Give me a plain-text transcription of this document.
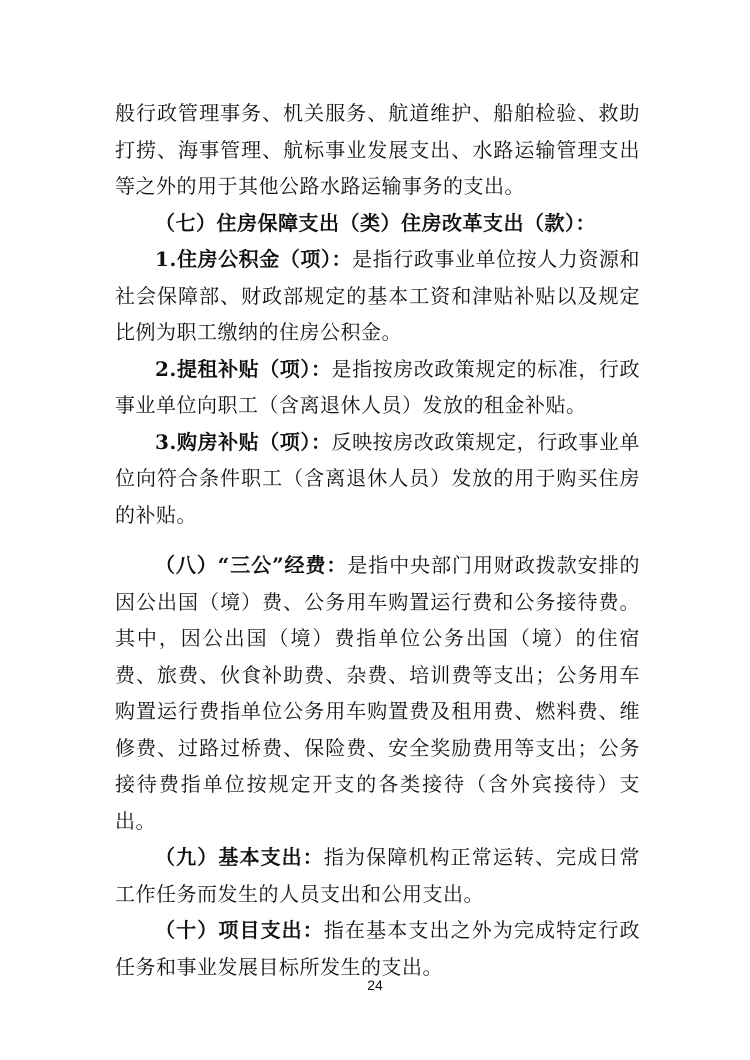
般行政管理事务、机关服务、航道维护、船舶检验、救助打捞、海事管理、航标事业发展支出、水路运输管理支出等之外的用于其他公路水路运输事务的支出。

（七）住房保障支出（类）住房改革支出（款）：

1.住房公积金（项）：是指行政事业单位按人力资源和社会保障部、财政部规定的基本工资和津贴补贴以及规定比例为职工缴纳的住房公积金。

2.提租补贴（项）：是指按房改政策规定的标准，行政事业单位向职工（含离退休人员）发放的租金补贴。

3.购房补贴（项）：反映按房改政策规定，行政事业单位向符合条件职工（含离退休人员）发放的用于购买住房的补贴。

（八）“三公”经费：是指中央部门用财政拨款安排的因公出国（境）费、公务用车购置运行费和公务接待费。其中，因公出国（境）费指单位公务出国（境）的住宿费、旅费、伙食补助费、杂费、培训费等支出；公务用车购置运行费指单位公务用车购置费及租用费、燃料费、维修费、过路过桥费、保险费、安全奖励费用等支出；公务接待费指单位按规定开支的各类接待（含外宾接待）支出。

（九）基本支出：指为保障机构正常运转、完成日常工作任务而发生的人员支出和公用支出。

（十）项目支出：指在基本支出之外为完成特定行政任务和事业发展目标所发生的支出。

24
